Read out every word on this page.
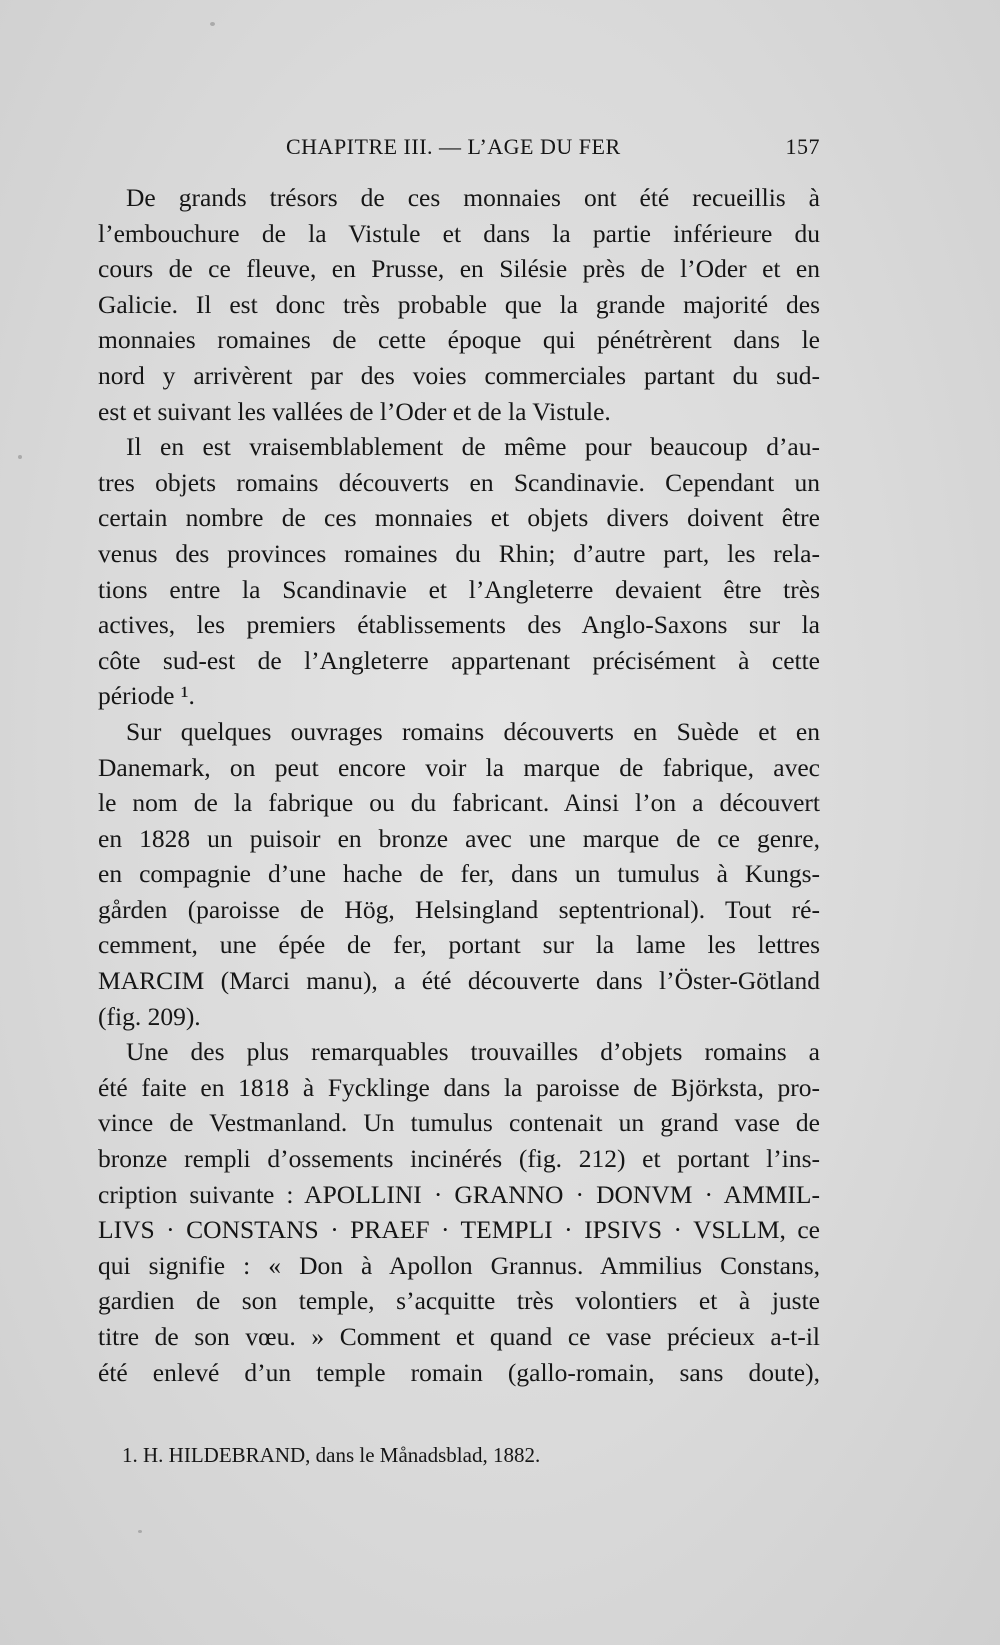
CHAPITRE III. — L’AGE DU FER	157
De grands trésors de ces monnaies ont été recueillis à
l’embouchure de la Vistule et dans la partie inférieure du
cours de ce fleuve, en Prusse, en Silésie près de l’Oder et en
Galicie. Il est donc très probable que la grande majorité des
monnaies romaines de cette époque qui pénétrèrent dans le
nord y arrivèrent par des voies commerciales partant du sud-
est et suivant les vallées de l’Oder et de la Vistule.
Il en est vraisemblablement de même pour beaucoup d’au-
tres objets romains découverts en Scandinavie. Cependant un
certain nombre de ces monnaies et objets divers doivent être
venus des provinces romaines du Rhin; d’autre part, les rela-
tions entre la Scandinavie et l’Angleterre devaient être très
actives, les premiers établissements des Anglo-Saxons sur la
côte sud-est de l’Angleterre appartenant précisément à cette
période ¹.
Sur quelques ouvrages romains découverts en Suède et en
Danemark, on peut encore voir la marque de fabrique, avec
le nom de la fabrique ou du fabricant. Ainsi l’on a découvert
en 1828 un puisoir en bronze avec une marque de ce genre,
en compagnie d’une hache de fer, dans un tumulus à Kungs-
gården (paroisse de Hög, Helsingland septentrional). Tout ré-
cemment, une épée de fer, portant sur la lame les lettres
MARCIM (Marci manu), a été découverte dans l’Öster-Götland
(fig. 209).
Une des plus remarquables trouvailles d’objets romains a
été faite en 1818 à Fycklinge dans la paroisse de Björksta, pro-
vince de Vestmanland. Un tumulus contenait un grand vase de
bronze rempli d’ossements incinérés (fig. 212) et portant l’ins-
cription suivante : APOLLINI · GRANNO · DONVM · AMMIL-
LIVS · CONSTANS · PRAEF · TEMPLI · IPSIVS · VSLLM, ce
qui signifie : « Don à Apollon Grannus. Ammilius Constans,
gardien de son temple, s’acquitte très volontiers et à juste
titre de son vœu. » Comment et quand ce vase précieux a-t-il
été enlevé d’un temple romain (gallo-romain, sans doute),
1. H. HILDEBRAND, dans le Månadsblad, 1882.
